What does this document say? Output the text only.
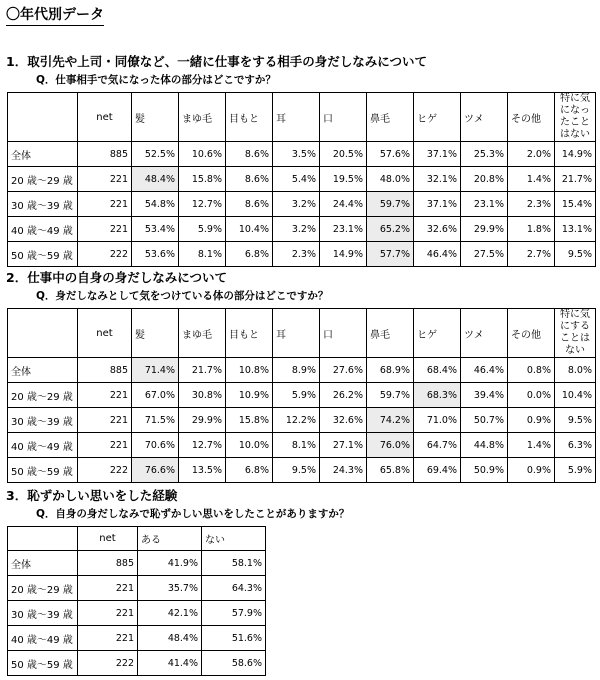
〇年代別データ
1．取引先や上司・同僚など、一緒に仕事をする相手の身だしなみについて
Q．仕事相手で気になった体の部分はどこですか？
	net	髪	まゆ毛	目もと	耳	口	鼻毛	ヒゲ	ツメ	その他	特に気になったことはない
全体	885	52.5%	10.6%	8.6%	3.5%	20.5%	57.6%	37.1%	25.3%	2.0%	14.9%
20 歳～29 歳	221	48.4%	15.8%	8.6%	5.4%	19.5%	48.0%	32.1%	20.8%	1.4%	21.7%
30 歳～39 歳	221	54.8%	12.7%	8.6%	3.2%	24.4%	59.7%	37.1%	23.1%	2.3%	15.4%
40 歳～49 歳	221	53.4%	5.9%	10.4%	3.2%	23.1%	65.2%	32.6%	29.9%	1.8%	13.1%
50 歳～59 歳	222	53.6%	8.1%	6.8%	2.3%	14.9%	57.7%	46.4%	27.5%	2.7%	9.5%
2．仕事中の自身の身だしなみについて
Q．身だしなみとして気をつけている体の部分はどこですか？
	net	髪	まゆ毛	目もと	耳	口	鼻毛	ヒゲ	ツメ	その他	特に気にすることはない
全体	885	71.4%	21.7%	10.8%	8.9%	27.6%	68.9%	68.4%	46.4%	0.8%	8.0%
20 歳～29 歳	221	67.0%	30.8%	10.9%	5.9%	26.2%	59.7%	68.3%	39.4%	0.0%	10.4%
30 歳～39 歳	221	71.5%	29.9%	15.8%	12.2%	32.6%	74.2%	71.0%	50.7%	0.9%	9.5%
40 歳～49 歳	221	70.6%	12.7%	10.0%	8.1%	27.1%	76.0%	64.7%	44.8%	1.4%	6.3%
50 歳～59 歳	222	76.6%	13.5%	6.8%	9.5%	24.3%	65.8%	69.4%	50.9%	0.9%	5.9%
3．恥ずかしい思いをした経験
Q．自身の身だしなみで恥ずかしい思いをしたことがありますか？
	net	ある	ない
全体	885	41.9%	58.1%
20 歳～29 歳	221	35.7%	64.3%
30 歳～39 歳	221	42.1%	57.9%
40 歳～49 歳	221	48.4%	51.6%
50 歳～59 歳	222	41.4%	58.6%
